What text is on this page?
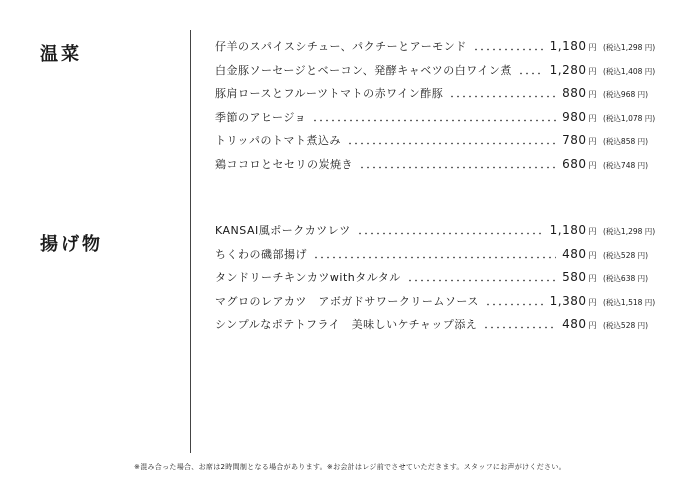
温菜
揚げ物
仔羊のスパイスシチュー、パクチーとアーモンド	1,180 円 (税込1,298 円)
白金豚ソーセージとベーコン、発酵キャベツの白ワイン煮	1,280 円 (税込1,408 円)
豚肩ロースとフルーツトマトの赤ワイン酢豚	880 円 (税込968 円)
季節のアヒージョ	980 円 (税込1,078 円)
トリッパのトマト煮込み	780 円 (税込858 円)
鶏ココロとセセリの炭焼き	680 円 (税込748 円)
KANSAI風ポークカツレツ	1,180 円 (税込1,298 円)
ちくわの磯部揚げ	480 円 (税込528 円)
タンドリーチキンカツwithタルタル	580 円 (税込638 円)
マグロのレアカツ　アボガドサワークリームソース	1,380 円 (税込1,518 円)
シンプルなポテトフライ　美味しいケチャップ添え	480 円 (税込528 円)
※混み合った場合、お席は2時間制となる場合があります。※お会計はレジ前でさせていただきます。スタッフにお声がけください。
